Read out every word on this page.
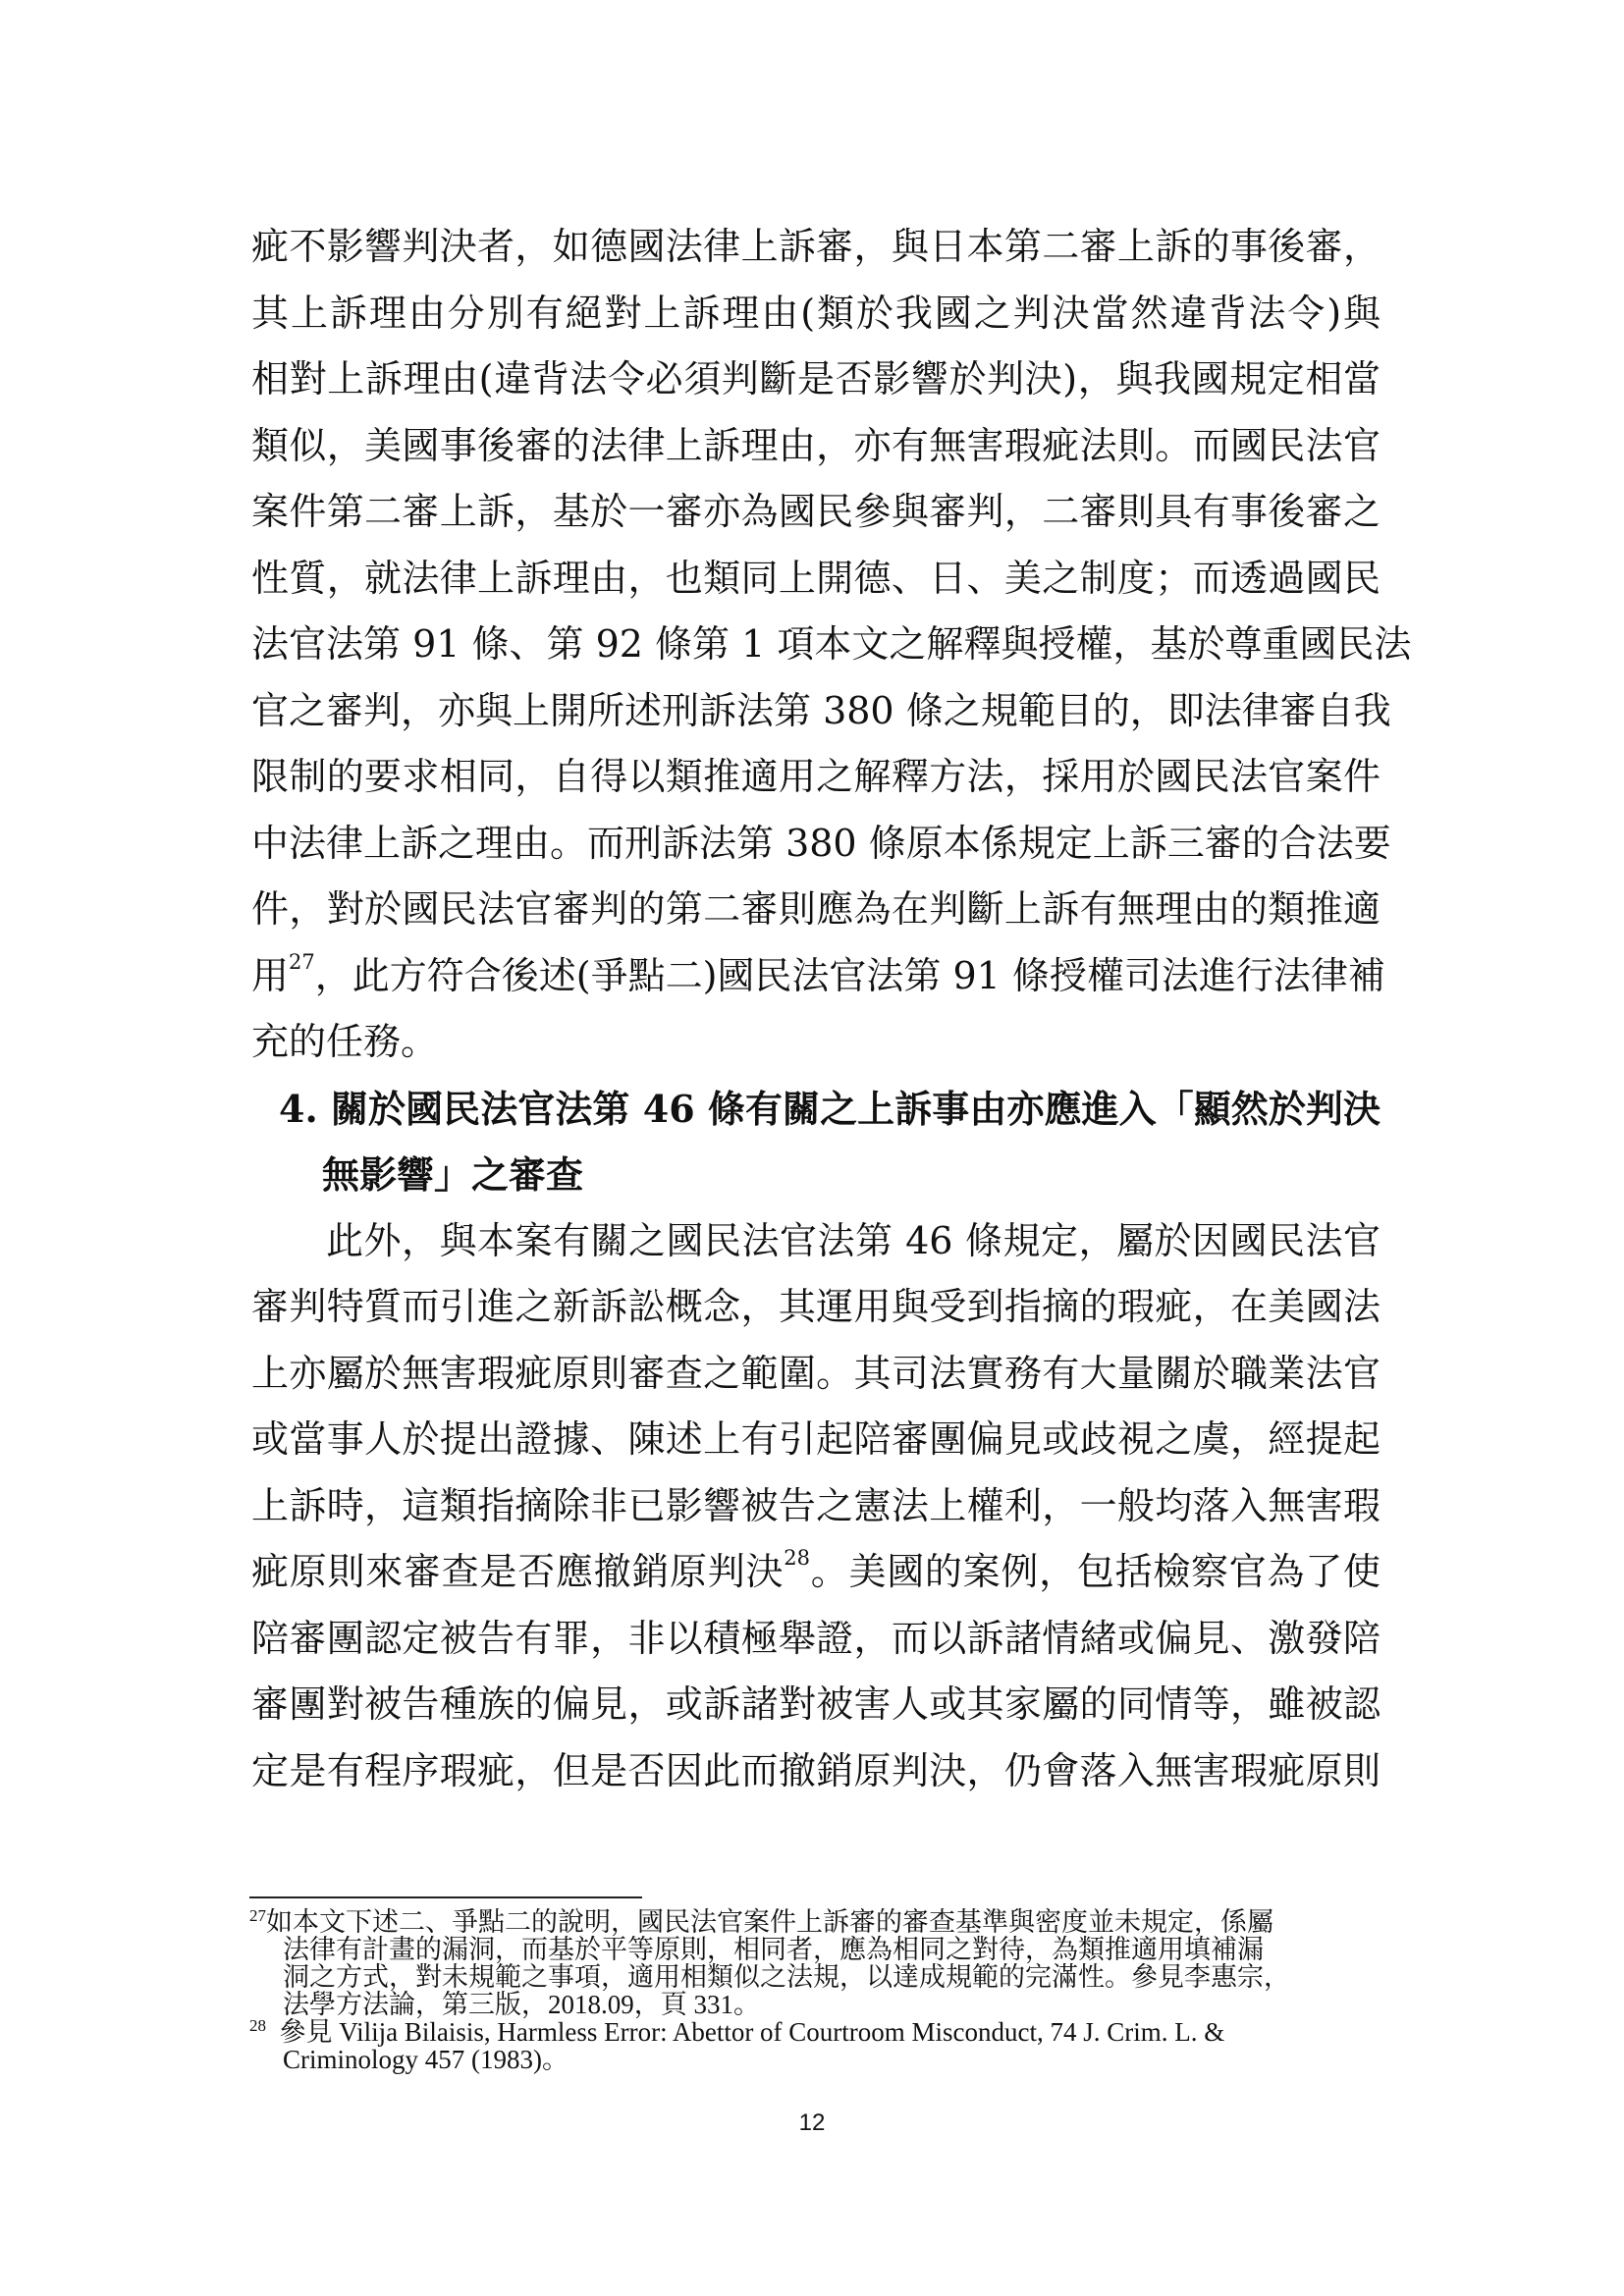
疵不影響判決者，如德國法律上訴審，與日本第二審上訴的事後審，
其上訴理由分別有絕對上訴理由(類於我國之判決當然違背法令)與
相對上訴理由(違背法令必須判斷是否影響於判決)，與我國規定相當
類似，美國事後審的法律上訴理由，亦有無害瑕疵法則。而國民法官
案件第二審上訴，基於一審亦為國民參與審判，二審則具有事後審之
性質，就法律上訴理由，也類同上開德、日、美之制度；而透過國民
法官法第 91 條、第 92 條第 1 項本文之解釋與授權，基於尊重國民法
官之審判，亦與上開所述刑訴法第 380 條之規範目的，即法律審自我
限制的要求相同，自得以類推適用之解釋方法，採用於國民法官案件
中法律上訴之理由。而刑訴法第 380 條原本係規定上訴三審的合法要
件，對於國民法官審判的第二審則應為在判斷上訴有無理由的類推適
用$^{27}$，此方符合後述(爭點二)國民法官法第 91 條授權司法進行法律補
充的任務。
4. 關於國民法官法第 46 條有關之上訴事由亦應進入「顯然於判決
無影響」之審查
此外，與本案有關之國民法官法第 46 條規定，屬於因國民法官
審判特質而引進之新訴訟概念，其運用與受到指摘的瑕疵，在美國法
上亦屬於無害瑕疵原則審查之範圍。其司法實務有大量關於職業法官
或當事人於提出證據、陳述上有引起陪審團偏見或歧視之虞，經提起
上訴時，這類指摘除非已影響被告之憲法上權利，一般均落入無害瑕
疵原則來審查是否應撤銷原判決$^{28}$。美國的案例，包括檢察官為了使
陪審團認定被告有罪，非以積極舉證，而以訴諸情緒或偏見、激發陪
審團對被告種族的偏見，或訴諸對被害人或其家屬的同情等，雖被認
定是有程序瑕疵，但是否因此而撤銷原判決，仍會落入無害瑕疵原則
$^{27}$如本文下述二、爭點二的說明，國民法官案件上訴審的審查基準與密度並未規定，係屬
法律有計畫的漏洞，而基於平等原則，相同者，應為相同之對待，為類推適用填補漏
洞之方式，對未規範之事項，適用相類似之法規，以達成規範的完滿性。參見李惠宗，
法學方法論，第三版，2018.09，頁 331。
$^{28}$ 參見 Vilija Bilaisis, Harmless Error: Abettor of Courtroom Misconduct, 74 J. Crim. L. &
Criminology 457 (1983)。
12
